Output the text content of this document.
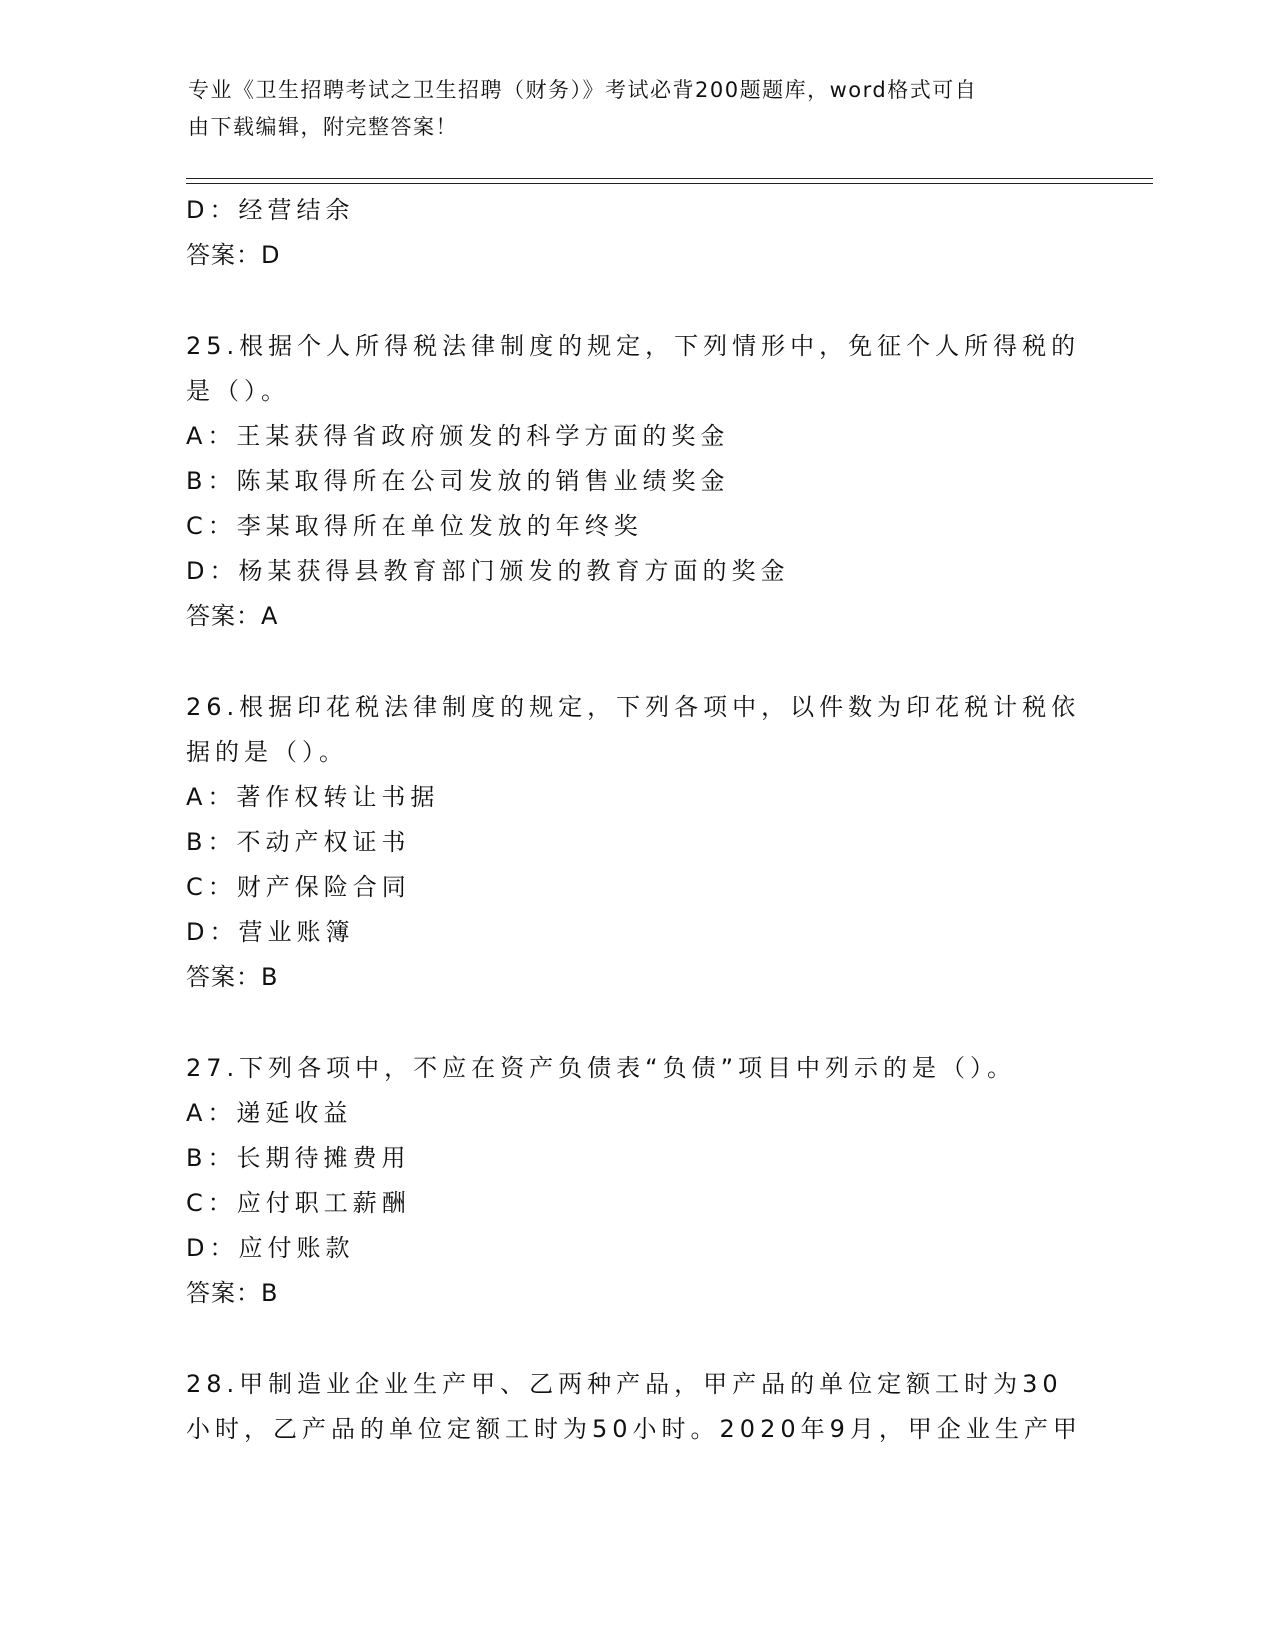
专业《卫生招聘考试之卫生招聘（财务）》考试必背200题题库，word格式可自
由下载编辑，附完整答案！
D：经营结余
答案：D
25.根据个人所得税法律制度的规定，下列情形中，免征个人所得税的
是（）。
A：王某获得省政府颁发的科学方面的奖金
B：陈某取得所在公司发放的销售业绩奖金
C：李某取得所在单位发放的年终奖
D：杨某获得县教育部门颁发的教育方面的奖金
答案：A
26.根据印花税法律制度的规定，下列各项中，以件数为印花税计税依
据的是（）。
A：著作权转让书据
B：不动产权证书
C：财产保险合同
D：营业账簿
答案：B
27.下列各项中，不应在资产负债表“负债”项目中列示的是（）。
A：递延收益
B：长期待摊费用
C：应付职工薪酬
D：应付账款
答案：B
28.甲制造业企业生产甲、乙两种产品，甲产品的单位定额工时为30
小时，乙产品的单位定额工时为50小时。2020年9月，甲企业生产甲
